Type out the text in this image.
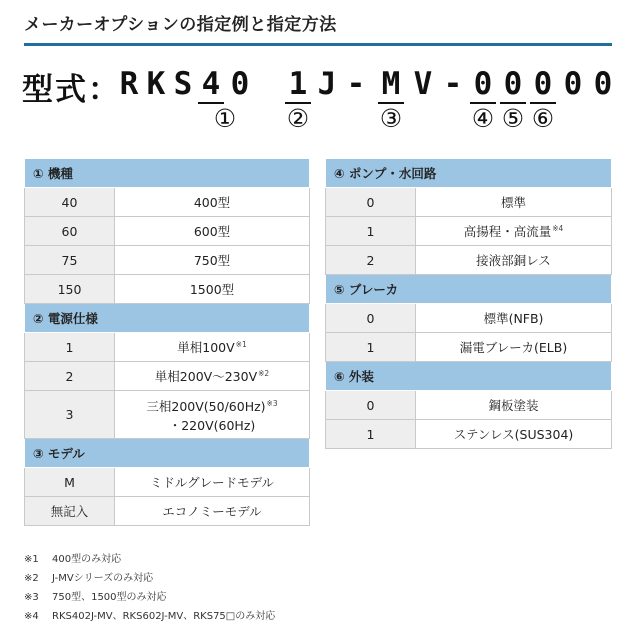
メーカーオプションの指定例と指定方法
型式：
R K S 4 0 1 J - M V - 0 0 0 0 0
① ②	③	④ ⑤ ⑥
① 機種	
40	400型
60	600型
75	750型
150	1500型
② 電源仕様	
1	単相$100V^{※1}$
2	単相$200V\sim 230V^{※2}$
3	三相$200V(50/60Hz)^{※3}$
・220V(60Hz)
③ モデル	
M	ミドルグレードモデル
無記入	エコノミーモデル
④ ポンプ・水回路	
0	標準
1	高揚程・高流量$^{※4}$
2	接液部銅レス
⑤ ブレーカ	
0	標準(NFB)
1	漏電ブレーカ(ELB)
⑥ 外装	
0	鋼板塗装
1	ステンレス(SUS304)
※1 400型のみ対応
※2 J-MVシリーズのみ対応
※3 750型、1500型のみ対応
※4 RKS402J-MV、RKS602J-MV、RKS75□のみ対応
